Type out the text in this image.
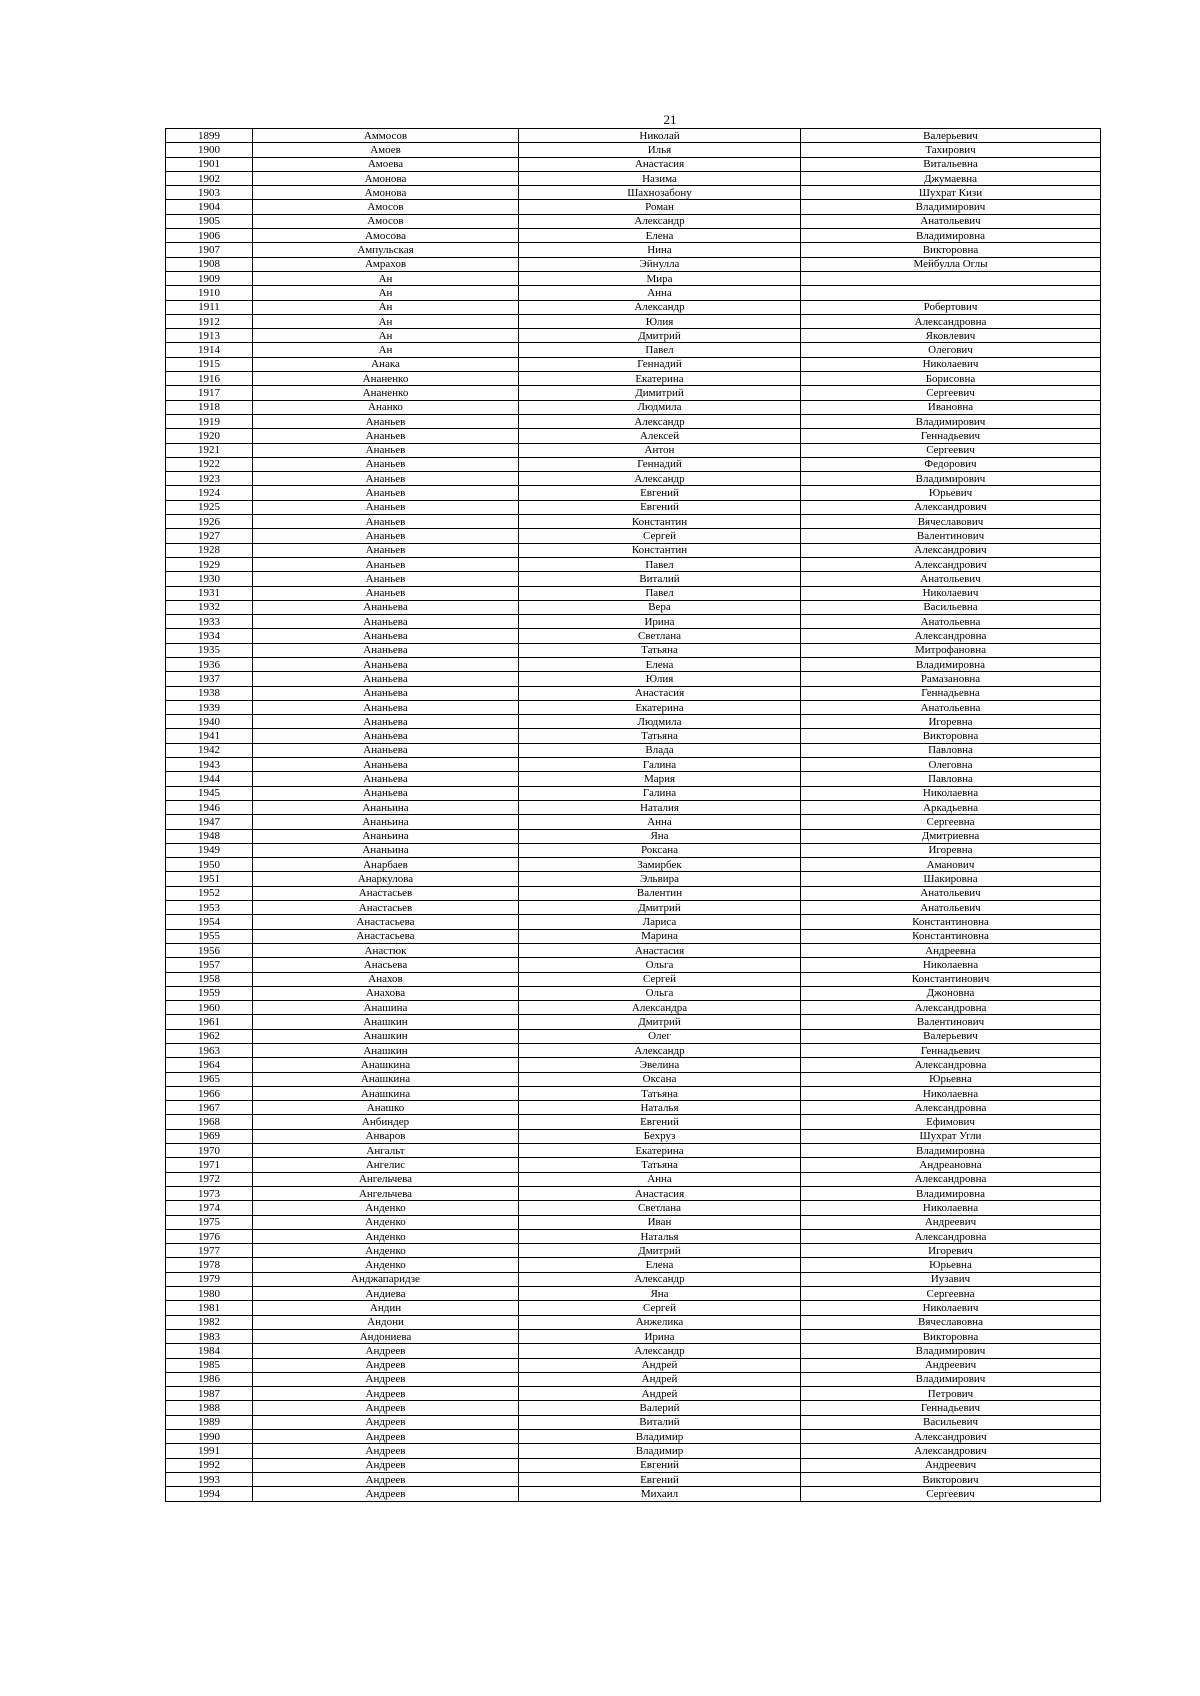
21
1899	Аммосов	Николай	Валерьевич
1900	Амоев	Илья	Тахирович
1901	Амоева	Анастасия	Витальевна
1902	Амонова	Назима	Джумаевна
1903	Амонова	Шахнозабону	Шухрат Кизи
1904	Амосов	Роман	Владимирович
1905	Амосов	Александр	Анатольевич
1906	Амосова	Елена	Владимировна
1907	Ампульская	Нина	Викторовна
1908	Амрахов	Эйнулла	Мейбулла Оглы
1909	Ан	Мира	
1910	Ан	Анна	
1911	Ан	Александр	Робертович
1912	Ан	Юлия	Александровна
1913	Ан	Дмитрий	Яковлевич
1914	Ан	Павел	Олегович
1915	Анака	Геннадий	Николаевич
1916	Ананенко	Екатерина	Борисовна
1917	Ананенко	Димитрий	Сергеевич
1918	Ананко	Людмила	Ивановна
1919	Ананьев	Александр	Владимирович
1920	Ананьев	Алексей	Геннадьевич
1921	Ананьев	Антон	Сергеевич
1922	Ананьев	Геннадий	Федорович
1923	Ананьев	Александр	Владимирович
1924	Ананьев	Евгений	Юрьевич
1925	Ананьев	Евгений	Александрович
1926	Ананьев	Константин	Вячеславович
1927	Ананьев	Сергей	Валентинович
1928	Ананьев	Константин	Александрович
1929	Ананьев	Павел	Александрович
1930	Ананьев	Виталий	Анатольевич
1931	Ананьев	Павел	Николаевич
1932	Ананьева	Вера	Васильевна
1933	Ананьева	Ирина	Анатольевна
1934	Ананьева	Светлана	Александровна
1935	Ананьева	Татьяна	Митрофановна
1936	Ананьева	Елена	Владимировна
1937	Ананьева	Юлия	Рамазановна
1938	Ананьева	Анастасия	Геннадьевна
1939	Ананьева	Екатерина	Анатольевна
1940	Ананьева	Людмила	Игоревна
1941	Ананьева	Татьяна	Викторовна
1942	Ананьева	Влада	Павловна
1943	Ананьева	Галина	Олеговна
1944	Ананьева	Мария	Павловна
1945	Ананьева	Галина	Николаевна
1946	Ананьина	Наталия	Аркадьевна
1947	Ананьина	Анна	Сергеевна
1948	Ананьина	Яна	Дмитриевна
1949	Ананьина	Роксана	Игоревна
1950	Анарбаев	Замирбек	Аманович
1951	Анаркулова	Эльвира	Шакировна
1952	Анастасьев	Валентин	Анатольевич
1953	Анастасьев	Дмитрий	Анатольевич
1954	Анастасьева	Лариса	Константиновна
1955	Анастасьева	Марина	Константиновна
1956	Анастюк	Анастасия	Андреевна
1957	Анасьева	Ольга	Николаевна
1958	Анахов	Сергей	Константинович
1959	Анахова	Ольга	Джоновна
1960	Анашина	Александра	Александровна
1961	Анашкин	Дмитрий	Валентинович
1962	Анашкин	Олег	Валерьевич
1963	Анашкин	Александр	Геннадьевич
1964	Анашкина	Эвелина	Александровна
1965	Анашкина	Оксана	Юрьевна
1966	Анашкина	Татьяна	Николаевна
1967	Анашко	Наталья	Александровна
1968	Анбиндер	Евгений	Ефимович
1969	Анваров	Бехруз	Шухрат Угли
1970	Ангальт	Екатерина	Владимировна
1971	Ангелис	Татьяна	Андреановна
1972	Ангельчева	Анна	Александровна
1973	Ангельчева	Анастасия	Владимировна
1974	Анденко	Светлана	Николаевна
1975	Анденко	Иван	Андреевич
1976	Анденко	Наталья	Александровна
1977	Анденко	Дмитрий	Игоревич
1978	Анденко	Елена	Юрьевна
1979	Анджапаридзе	Александр	Иузавич
1980	Андиева	Яна	Сергеевна
1981	Андин	Сергей	Николаевич
1982	Андони	Анжелика	Вячеславовна
1983	Андониева	Ирина	Викторовна
1984	Андреев	Александр	Владимирович
1985	Андреев	Андрей	Андреевич
1986	Андреев	Андрей	Владимирович
1987	Андреев	Андрей	Петрович
1988	Андреев	Валерий	Геннадьевич
1989	Андреев	Виталий	Васильевич
1990	Андреев	Владимир	Александрович
1991	Андреев	Владимир	Александрович
1992	Андреев	Евгений	Андреевич
1993	Андреев	Евгений	Викторович
1994	Андреев	Михаил	Сергеевич
